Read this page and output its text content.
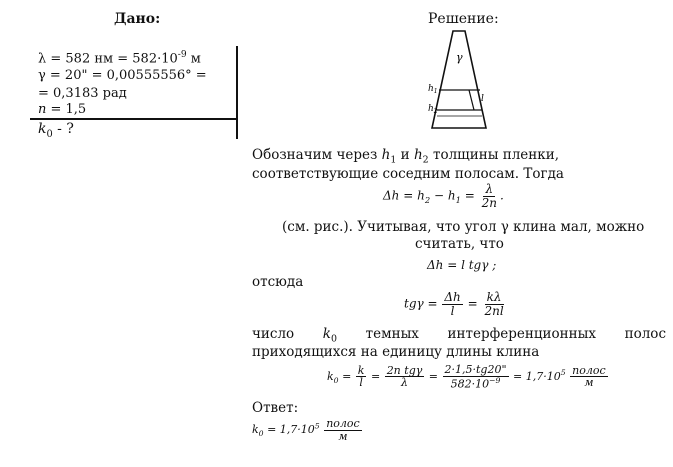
Дано:
λ = 582 нм = $582\cdot 10^{-9}$ м
γ = 20" = 0,00555556° =
= 0,3183 рад
n = 1,5
$k_0$ - ?
Решение:
γ
$h_1$
$h_2$
l
Обозначим через $h_1$ и $h_2$ толщины пленки,
соответствующие соседним полосам. Тогда
$\Delta h = h_2 - h_1 = \frac{\lambda}{2n}$ .
(см. рис.). Учитывая, что угол γ клина мал, можно
считать, что
Δh = l tgγ ;
отсюда
$tg\gamma = \frac{\Delta h}{l} = \frac{k\lambda}{2nl}$
число $k_0$ темных интерференционных полос
приходящихся на единицу длины клина
$k_0 = \frac{k}{l} = \frac{\text{2n tgγ}}{\lambda} = \frac{2\cdot 1,5\cdot tg20"}{582\cdot 10^{-9}} = 1,7\cdot 10^5 \frac{\text{полос}}{м}$
Ответ:
$k_0 = 1,7\cdot 10^5 \frac{\text{полос}}{м}$
